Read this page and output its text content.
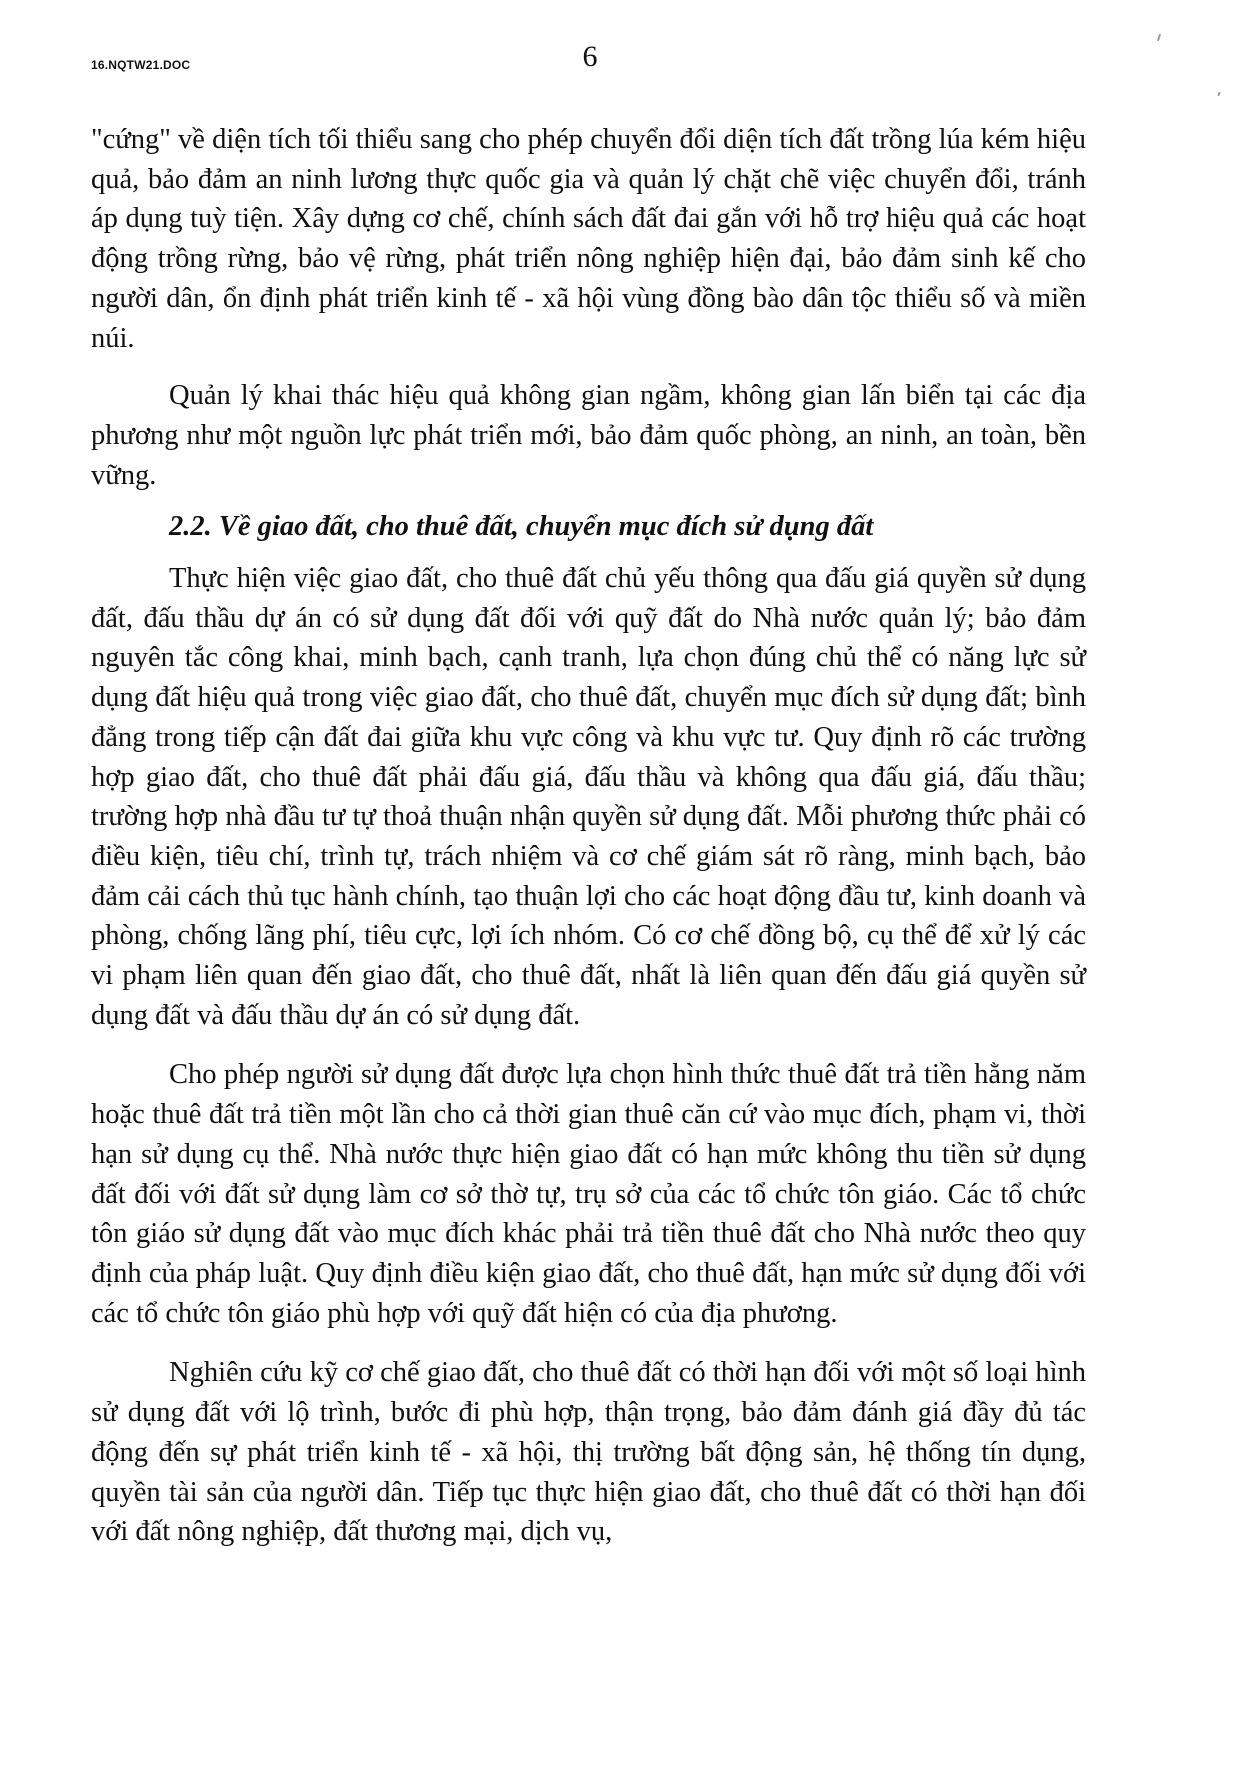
16.NQTW21.DOC	6

"cứng" về diện tích tối thiểu sang cho phép chuyển đổi diện tích đất trồng lúa kém hiệu quả, bảo đảm an ninh lương thực quốc gia và quản lý chặt chẽ việc chuyển đổi, tránh áp dụng tuỳ tiện. Xây dựng cơ chế, chính sách đất đai gắn với hỗ trợ hiệu quả các hoạt động trồng rừng, bảo vệ rừng, phát triển nông nghiệp hiện đại, bảo đảm sinh kế cho người dân, ổn định phát triển kinh tế - xã hội vùng đồng bào dân tộc thiểu số và miền núi.

Quản lý khai thác hiệu quả không gian ngầm, không gian lấn biển tại các địa phương như một nguồn lực phát triển mới, bảo đảm quốc phòng, an ninh, an toàn, bền vững.

2.2. Về giao đất, cho thuê đất, chuyển mục đích sử dụng đất

Thực hiện việc giao đất, cho thuê đất chủ yếu thông qua đấu giá quyền sử dụng đất, đấu thầu dự án có sử dụng đất đối với quỹ đất do Nhà nước quản lý; bảo đảm nguyên tắc công khai, minh bạch, cạnh tranh, lựa chọn đúng chủ thể có năng lực sử dụng đất hiệu quả trong việc giao đất, cho thuê đất, chuyển mục đích sử dụng đất; bình đẳng trong tiếp cận đất đai giữa khu vực công và khu vực tư. Quy định rõ các trường hợp giao đất, cho thuê đất phải đấu giá, đấu thầu và không qua đấu giá, đấu thầu; trường hợp nhà đầu tư tự thoả thuận nhận quyền sử dụng đất. Mỗi phương thức phải có điều kiện, tiêu chí, trình tự, trách nhiệm và cơ chế giám sát rõ ràng, minh bạch, bảo đảm cải cách thủ tục hành chính, tạo thuận lợi cho các hoạt động đầu tư, kinh doanh và phòng, chống lãng phí, tiêu cực, lợi ích nhóm. Có cơ chế đồng bộ, cụ thể để xử lý các vi phạm liên quan đến giao đất, cho thuê đất, nhất là liên quan đến đấu giá quyền sử dụng đất và đấu thầu dự án có sử dụng đất.

Cho phép người sử dụng đất được lựa chọn hình thức thuê đất trả tiền hằng năm hoặc thuê đất trả tiền một lần cho cả thời gian thuê căn cứ vào mục đích, phạm vi, thời hạn sử dụng cụ thể. Nhà nước thực hiện giao đất có hạn mức không thu tiền sử dụng đất đối với đất sử dụng làm cơ sở thờ tự, trụ sở của các tổ chức tôn giáo. Các tổ chức tôn giáo sử dụng đất vào mục đích khác phải trả tiền thuê đất cho Nhà nước theo quy định của pháp luật. Quy định điều kiện giao đất, cho thuê đất, hạn mức sử dụng đối với các tổ chức tôn giáo phù hợp với quỹ đất hiện có của địa phương.

Nghiên cứu kỹ cơ chế giao đất, cho thuê đất có thời hạn đối với một số loại hình sử dụng đất với lộ trình, bước đi phù hợp, thận trọng, bảo đảm đánh giá đầy đủ tác động đến sự phát triển kinh tế - xã hội, thị trường bất động sản, hệ thống tín dụng, quyền tài sản của người dân. Tiếp tục thực hiện giao đất, cho thuê đất có thời hạn đối với đất nông nghiệp, đất thương mại, dịch vụ,
